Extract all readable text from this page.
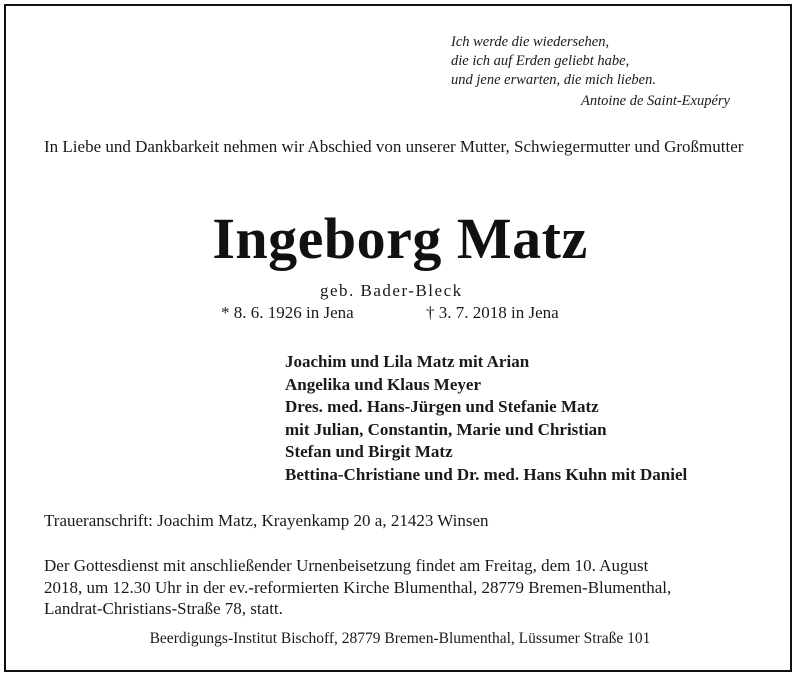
Ich werde die wiedersehen,
die ich auf Erden geliebt habe,
und jene erwarten, die mich lieben.
Antoine de Saint-Exupéry
In Liebe und Dankbarkeit nehmen wir Abschied von unserer Mutter, Schwiegermutter und Großmutter
Ingeborg Matz
geb. Bader-Bleck
* 8. 6. 1926 in Jena	† 3. 7. 2018 in Jena
Joachim und Lila Matz mit Arian
Angelika und Klaus Meyer
Dres. med. Hans-Jürgen und Stefanie Matz
mit Julian, Constantin, Marie und Christian
Stefan und Birgit Matz
Bettina-Christiane und Dr. med. Hans Kuhn mit Daniel
Traueranschrift: Joachim Matz, Krayenkamp 20 a, 21423 Winsen
Der Gottesdienst mit anschließender Urnenbeisetzung findet am Freitag, dem 10. August
2018, um 12.30 Uhr in der ev.-reformierten Kirche Blumenthal, 28779 Bremen-Blumenthal,
Landrat-Christians-Straße 78, statt.
Beerdigungs-Institut Bischoff, 28779 Bremen-Blumenthal, Lüssumer Straße 101
